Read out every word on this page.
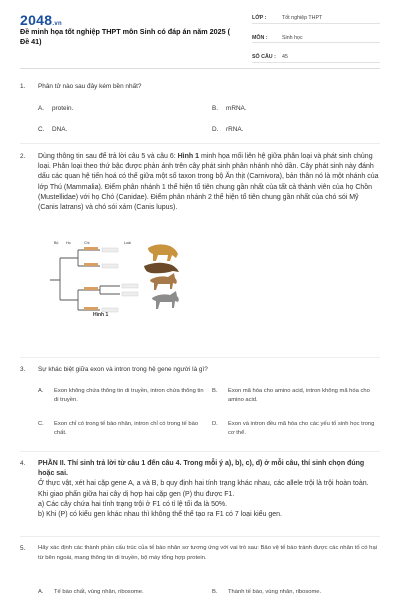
2048.vn
Đề minh họa tốt nghiệp THPT môn Sinh có đáp án năm 2025 ( Đề 41)
LỚP :	Tốt nghiệp THPT
MÔN :	Sinh học
SỐ CÂU :	45
1. Phân tử nào sau đây kém bền nhất?
A. protein.	B. mRNA.
C. DNA.	D. rRNA.
2. Dùng thông tin sau để trả lời câu 5 và câu 6: Hình 1 minh họa mối liên hệ giữa phân loại và phát sinh chủng loại. Phân loại theo thứ bậc được phản ánh trên cây phát sinh phân nhánh nhỏ dần. Cây phát sinh này đánh dấu các quan hệ tiến hoá có thể giữa một số taxon trong bộ Ăn thịt (Carnivora), bản thân nó là một nhánh của lớp Thú (Mammalia). Điểm phân nhánh 1 thể hiện tổ tiên chung gần nhất của tất cả thành viên của họ Chồn (Mustellidae) với họ Chó (Canidae). Điểm phân nhánh 2 thể hiện tổ tiên chung gần nhất của chó sói Mỹ (Canis latrans) và chó sói xám (Canis lupus).
Bộ Họ	Chi	Loài
Hình 1
3. Sự khác biệt giữa exon và intron trong hệ gene người là gì?
A. Exon không chứa thông tin di truyền, intron chứa thông tin di truyền.
B. Exon mã hóa cho amino acid, intron không mã hóa cho amino acid.
C. Exon chỉ có trong tế bào nhân, intron chỉ có trong tế bào chất.
D. Exon và intron đều mã hóa cho các yếu tố sinh học trong cơ thể.
4. PHẦN II. Thí sinh trả lời từ câu 1 đến câu 4. Trong mỗi ý a), b), c), d) ở mỗi câu, thí sinh chọn đúng hoặc sai.
Ở thực vật, xét hai cặp gene A, a và B, b quy định hai tính trạng khác nhau, các allele trội là trội hoàn toàn. Khi giao phấn giữa hai cây dị hợp hai cặp gen (P) thu được F1.
a) Các cây chứa hai tính trạng trội ở F1 có tỉ lệ tối đa là 50%.
b) Khi (P) có kiểu gen khác nhau thì không thể thể tạo ra F1 có 7 loại kiểu gen.
5. Hãy xác định các thành phần cấu trúc của tế bào nhân sơ tương ứng với vai trò sau: Bảo vệ tế bào tránh được các nhân tố có hại từ bên ngoài, mang thông tin di truyền, bộ máy tổng hợp protein.
A. Tế bào chất, vùng nhân, ribosome.	B. Thành tế bào, vùng nhân, ribosome.
